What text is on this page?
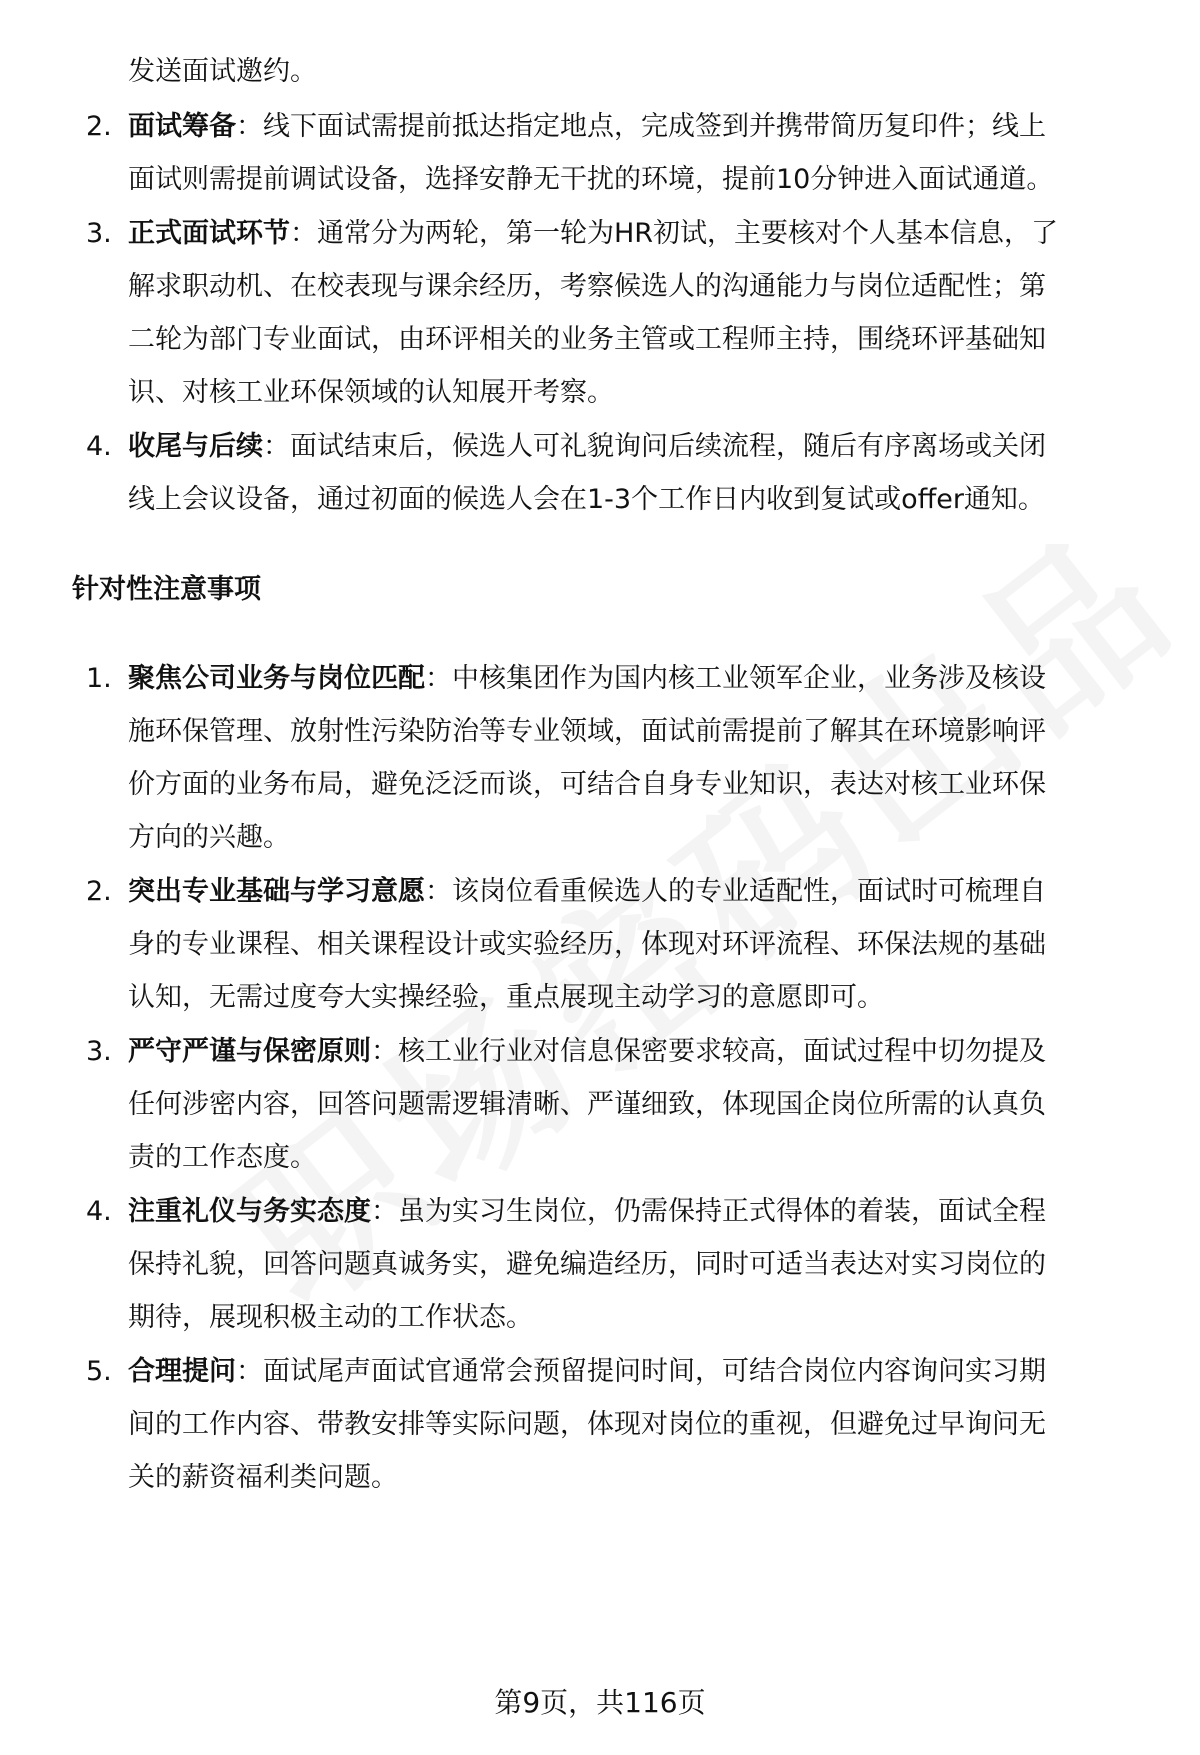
发送面试邀约。
2. 面试筹备：线下面试需提前抵达指定地点，完成签到并携带简历复印件；线上
面试则需提前调试设备，选择安静无干扰的环境，提前10分钟进入面试通道。
3. 正式面试环节：通常分为两轮，第一轮为HR初试，主要核对个人基本信息，了
解求职动机、在校表现与课余经历，考察候选人的沟通能力与岗位适配性；第
二轮为部门专业面试，由环评相关的业务主管或工程师主持，围绕环评基础知
识、对核工业环保领域的认知展开考察。
4. 收尾与后续：面试结束后，候选人可礼貌询问后续流程，随后有序离场或关闭
线上会议设备，通过初面的候选人会在1-3个工作日内收到复试或offer通知。
针对性注意事项
1. 聚焦公司业务与岗位匹配：中核集团作为国内核工业领军企业，业务涉及核设
施环保管理、放射性污染防治等专业领域，面试前需提前了解其在环境影响评
价方面的业务布局，避免泛泛而谈，可结合自身专业知识，表达对核工业环保
方向的兴趣。
2. 突出专业基础与学习意愿：该岗位看重候选人的专业适配性，面试时可梳理自
身的专业课程、相关课程设计或实验经历，体现对环评流程、环保法规的基础
认知，无需过度夸大实操经验，重点展现主动学习的意愿即可。
3. 严守严谨与保密原则：核工业行业对信息保密要求较高，面试过程中切勿提及
任何涉密内容，回答问题需逻辑清晰、严谨细致，体现国企岗位所需的认真负
责的工作态度。
4. 注重礼仪与务实态度：虽为实习生岗位，仍需保持正式得体的着装，面试全程
保持礼貌，回答问题真诚务实，避免编造经历，同时可适当表达对实习岗位的
期待，展现积极主动的工作状态。
5. 合理提问：面试尾声面试官通常会预留提问时间，可结合岗位内容询问实习期
间的工作内容、带教安排等实际问题，体现对岗位的重视，但避免过早询问无
关的薪资福利类问题。
第9页，共116页
